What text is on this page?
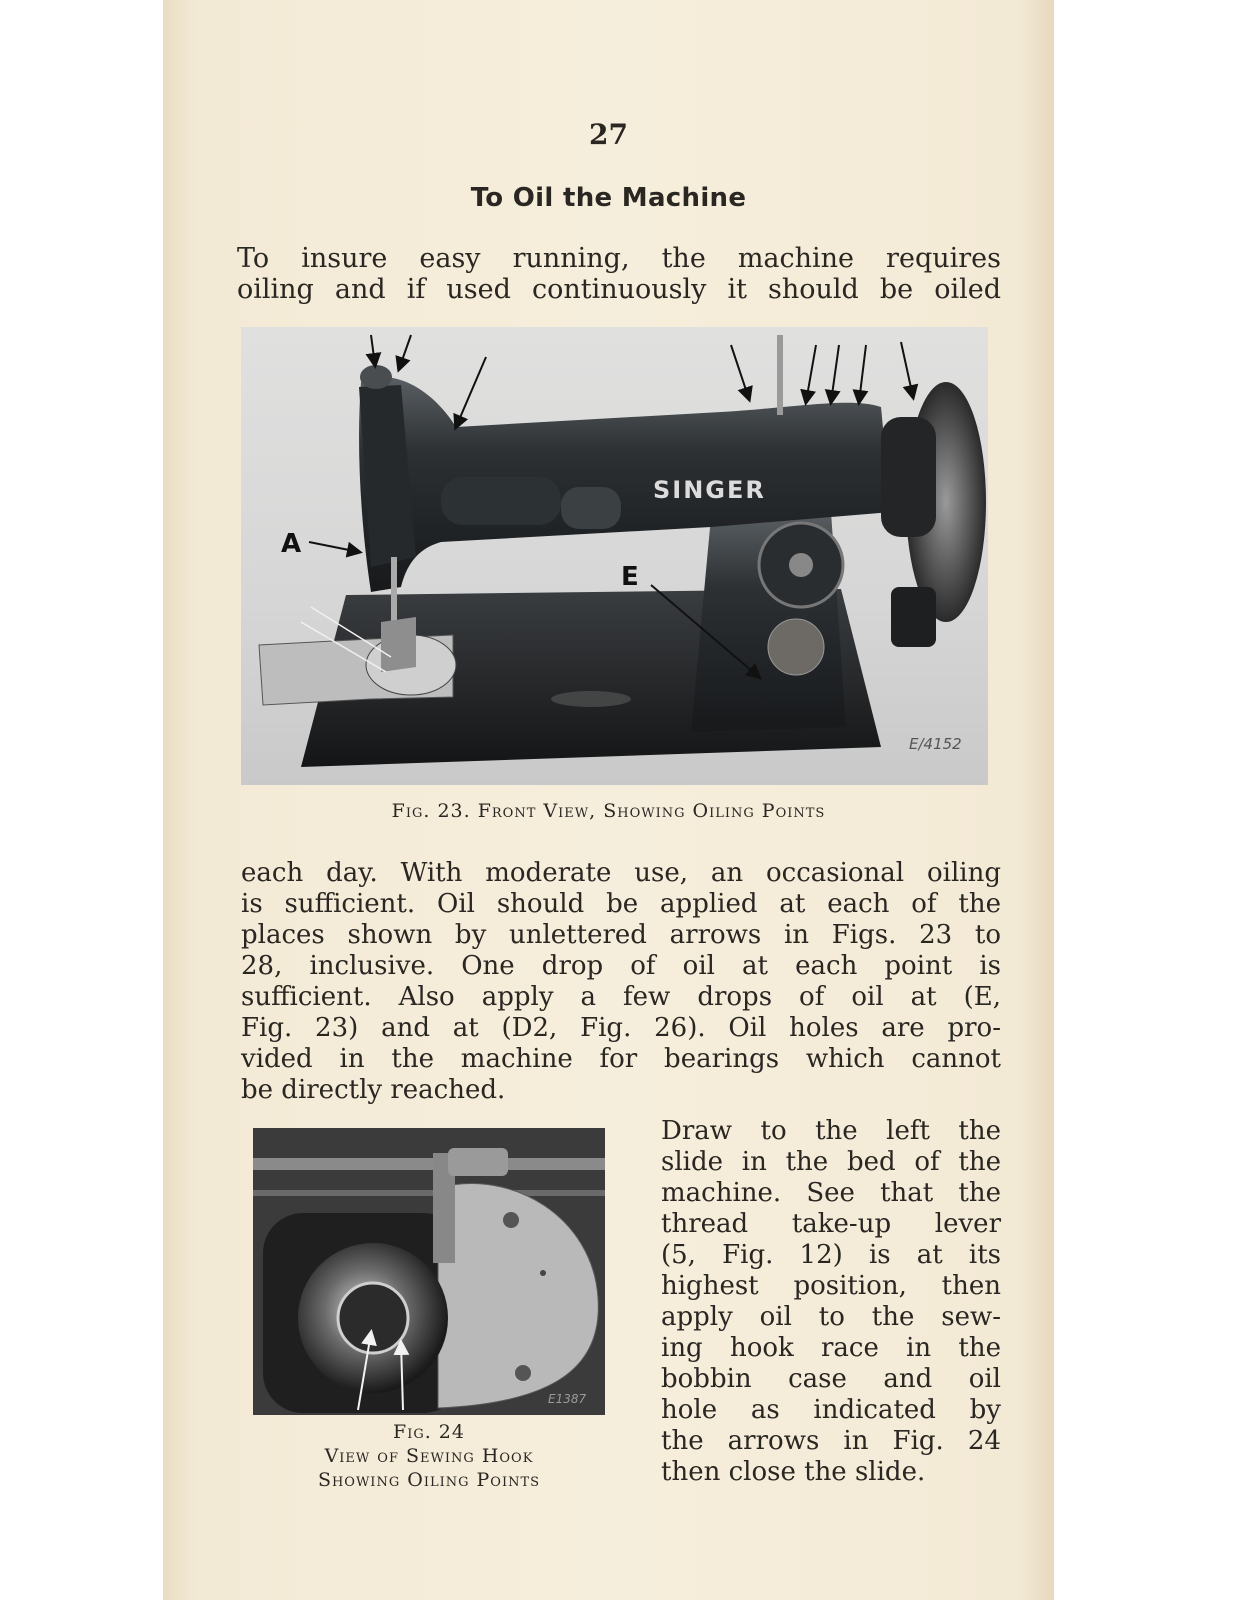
27
To Oil the Machine

To insure easy running, the machine requires
oiling and if used continuously it should be oiled

SINGER
A
E
E/4152
Fig. 23. Front View, Showing Oiling Points

each day. With moderate use, an occasional oiling
is sufficient. Oil should be applied at each of the
places shown by unlettered arrows in Figs. 23 to
28, inclusive. One drop of oil at each point is
sufficient. Also apply a few drops of oil at (E,
Fig. 23) and at (D2, Fig. 26). Oil holes are pro-
vided in the machine for bearings which cannot
be directly reached.

E1387
Fig. 24
View of Sewing Hook
Showing Oiling Points

Draw to the left the
slide in the bed of the
machine. See that the
thread take-up lever
(5, Fig. 12) is at its
highest position, then
apply oil to the sew-
ing hook race in the
bobbin case and oil
hole as indicated by
the arrows in Fig. 24
then close the slide.
